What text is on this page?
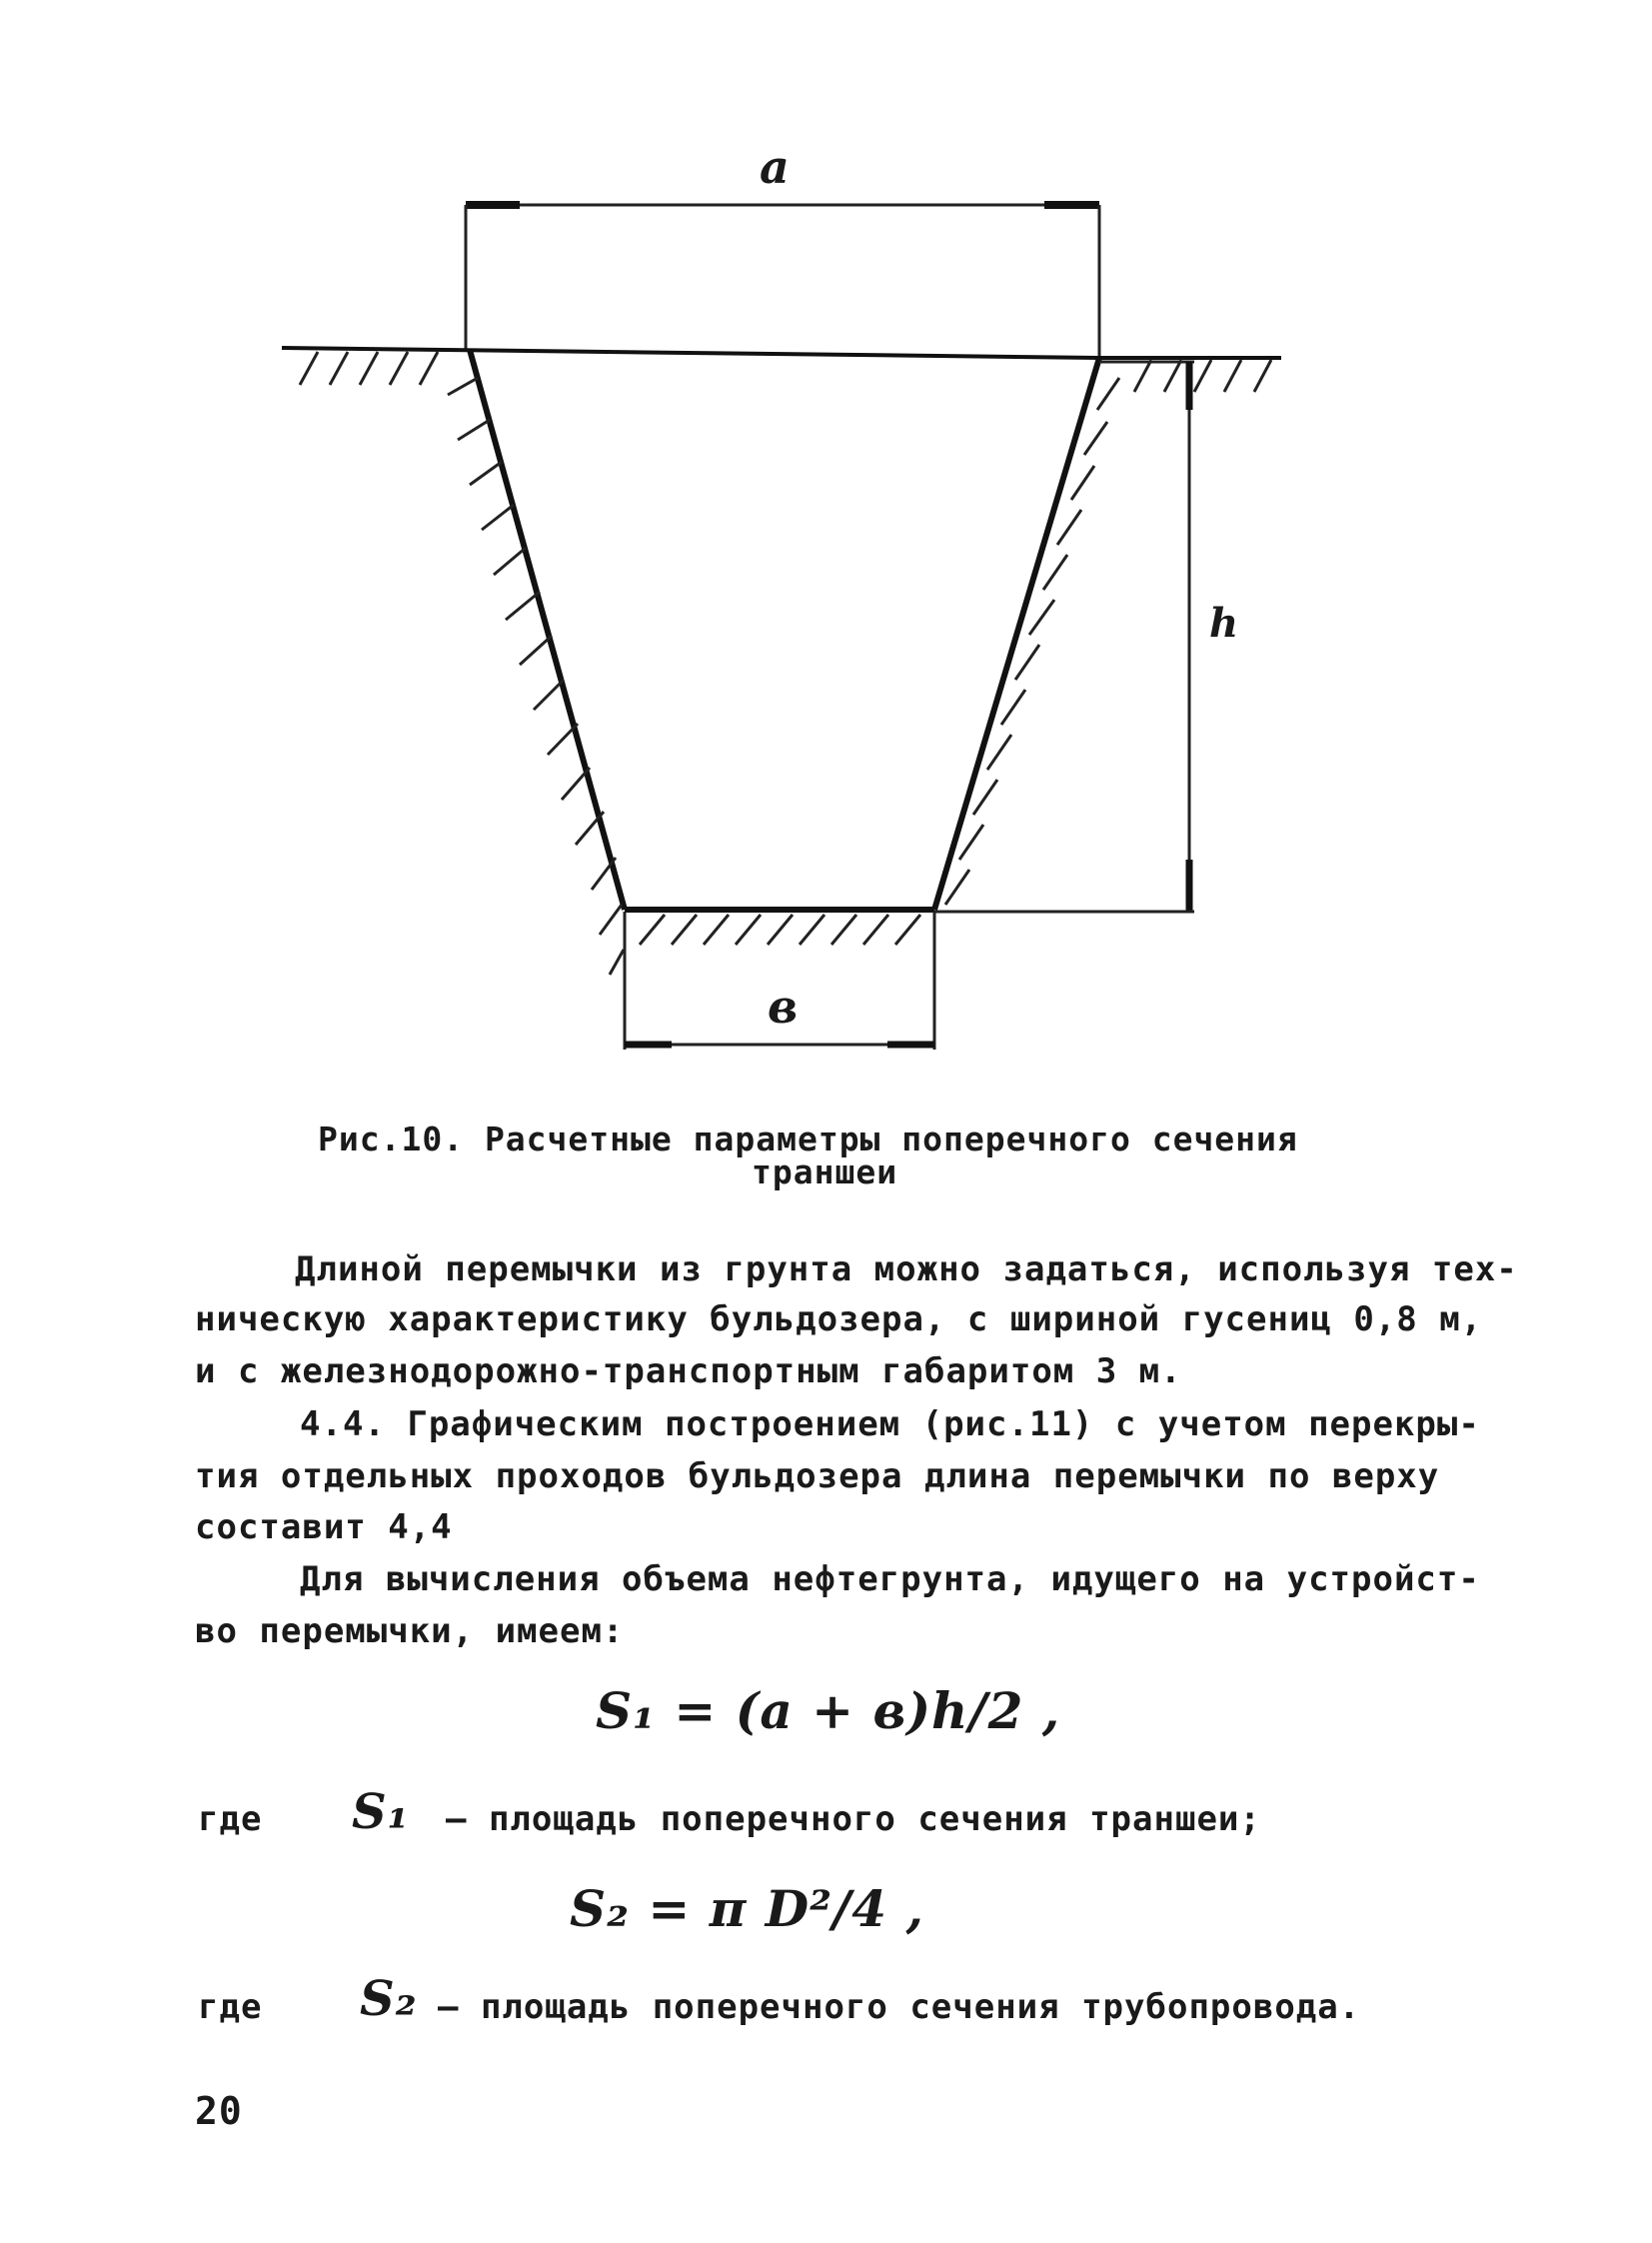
a
h
в
Рис.10. Расчетные параметры поперечного сечения
траншеи
Длиной перемычки из грунта можно задаться, используя тех-
ническую характеристику бульдозера, с шириной гусениц 0,8 м,
и с железнодорожно-транспортным габаритом 3 м.
4.4. Графическим построением (рис.11) с учетом перекры-
тия отдельных проходов бульдозера длина перемычки по верху
составит 4,4
Для вычисления объема нефтегрунта, идущего на устройст-
во перемычки, имеем:
S₁ = (a + в)h/2 ,
где S₁ – площадь поперечного сечения траншеи;
S₂ = π D²/4 ,
где S₂ – площадь поперечного сечения трубопровода.
20
